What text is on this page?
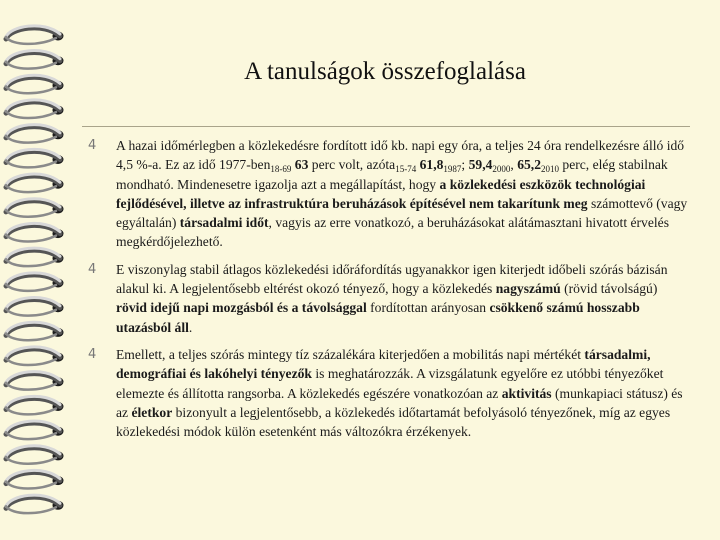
A tanulságok összefoglalása
4 A hazai időmérlegben a közlekedésre fordított idő kb. napi egy óra, a teljes 24 óra rendelkezésre álló idő 4,5 %-a. Ez az idő 1977-ben$_{18-69}$ 63 perc volt, azóta$_{15-74}$ $61,8_{1987}$; $59,4_{2000}$, $65,2_{2010}$ perc, elég stabilnak mondható. Mindenesetre igazolja azt a megállapítást, hogy a közlekedési eszközök technológiai fejlődésével, illetve az infrastruktúra beruházások építésével nem takarítunk meg számottevő (vagy egyáltalán) társadalmi időt, vagyis az erre vonatkozó, a beruházásokat alátámasztani hivatott érvelés megkérdőjelezhető.
4 E viszonylag stabil átlagos közlekedési időráfordítás ugyanakkor igen kiterjedt időbeli szórás bázisán alakul ki. A legjelentősebb eltérést okozó tényező, hogy a közlekedés nagyszámú (rövid távolságú) rövid idejű napi mozgásból és a távolsággal fordítottan arányosan csökkenő számú hosszabb utazásból áll.
4 Emellett, a teljes szórás mintegy tíz százalékára kiterjedően a mobilitás napi mértékét társadalmi, demográfiai és lakóhelyi tényezők is meghatározzák. A vizsgálatunk egyelőre ez utóbbi tényezőket elemezte és állította rangsorba. A közlekedés egészére vonatkozóan az aktivitás (munkapiaci státusz) és az életkor bizonyult a legjelentősebb, a közlekedés időtartamát befolyásoló tényezőnek, míg az egyes közlekedési módok külön esetenként más változókra érzékenyek.
